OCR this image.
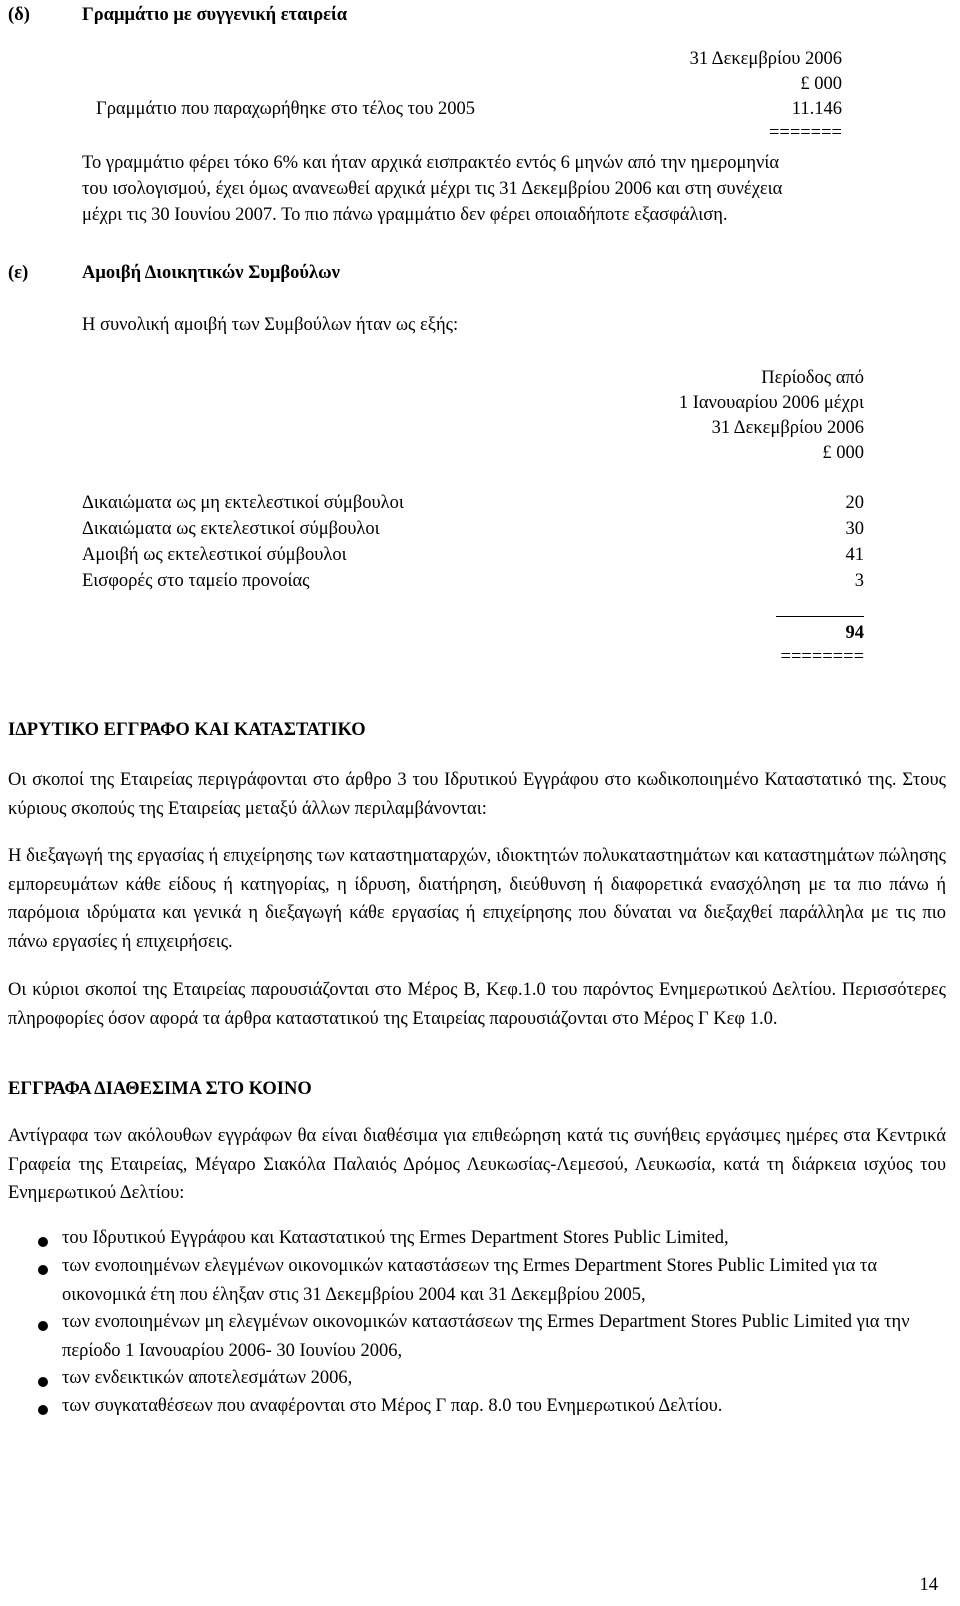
(δ)	Γραμμάτιο με συγγενική εταιρεία
31 Δεκεμβρίου 2006
£ 000
Γραμμάτιο που παραχωρήθηκε στο τέλος του 2005	11.146
=======
Το γραμμάτιο φέρει τόκο 6% και ήταν αρχικά εισπρακτέο εντός 6 μηνών από την ημερομηνία
του ισολογισμού, έχει όμως ανανεωθεί αρχικά μέχρι τις 31 Δεκεμβρίου 2006 και στη συνέχεια
μέχρι τις 30 Ιουνίου 2007. Το πιο πάνω γραμμάτιο δεν φέρει οποιαδήποτε εξασφάλιση.
(ε)	Αμοιβή Διοικητικών Συμβούλων
Η συνολική αμοιβή των Συμβούλων ήταν ως εξής:
Περίοδος από
1 Ιανουαρίου 2006 μέχρι
31 Δεκεμβρίου 2006
£ 000
Δικαιώματα ως μη εκτελεστικοί σύμβουλοι	20
Δικαιώματα ως εκτελεστικοί σύμβουλοι	30
Αμοιβή ως εκτελεστικοί σύμβουλοι	41
Εισφορές στο ταμείο προνοίας	3
94
========
ΙΔΡΥΤΙΚΟ ΕΓΓΡΑΦΟ ΚΑΙ ΚΑΤΑΣΤΑΤΙΚΟ
Οι σκοποί της Εταιρείας περιγράφονται στο άρθρο 3 του Ιδρυτικού Εγγράφου στο κωδικοποιημένο Καταστατικό της. Στους κύριους σκοπούς της Εταιρείας μεταξύ άλλων περιλαμβάνονται:
Η διεξαγωγή της εργασίας ή επιχείρησης των καταστηματαρχών, ιδιοκτητών πολυκαταστημάτων και καταστημάτων πώλησης εμπορευμάτων κάθε είδους ή κατηγορίας, η ίδρυση, διατήρηση, διεύθυνση ή διαφορετικά ενασχόληση με τα πιο πάνω ή παρόμοια ιδρύματα και γενικά η διεξαγωγή κάθε εργασίας ή επιχείρησης που δύναται να διεξαχθεί παράλληλα με τις πιο πάνω εργασίες ή επιχειρήσεις.
Οι κύριοι σκοποί της Εταιρείας παρουσιάζονται στο Μέρος Β, Κεφ.1.0 του παρόντος Ενημερωτικού Δελτίου. Περισσότερες πληροφορίες όσον αφορά τα άρθρα καταστατικού της Εταιρείας παρουσιάζονται στο Μέρος Γ Κεφ 1.0.
ΕΓΓΡΑΦΑ ΔΙΑΘΕΣΙΜΑ ΣΤΟ ΚΟΙΝΟ
Αντίγραφα των ακόλουθων εγγράφων θα είναι διαθέσιμα για επιθεώρηση κατά τις συνήθεις εργάσιμες ημέρες στα Κεντρικά Γραφεία της Εταιρείας, Μέγαρο Σιακόλα Παλαιός Δρόμος Λευκωσίας-Λεμεσού, Λευκωσία, κατά τη διάρκεια ισχύος του Ενημερωτικού Δελτίου:
του Ιδρυτικού Εγγράφου και Καταστατικού της Ermes Department Stores Public Limited,
των ενοποιημένων ελεγμένων οικονομικών καταστάσεων της Ermes Department Stores Public Limited για τα οικονομικά έτη που έληξαν στις 31 Δεκεμβρίου 2004 και 31 Δεκεμβρίου 2005,
των ενοποιημένων μη ελεγμένων οικονομικών καταστάσεων της Ermes Department Stores Public Limited για την περίοδο 1 Ιανουαρίου 2006- 30 Ιουνίου 2006,
των ενδεικτικών αποτελεσμάτων 2006,
των συγκαταθέσεων που αναφέρονται στο Μέρος Γ παρ. 8.0 του Ενημερωτικού Δελτίου.
14
